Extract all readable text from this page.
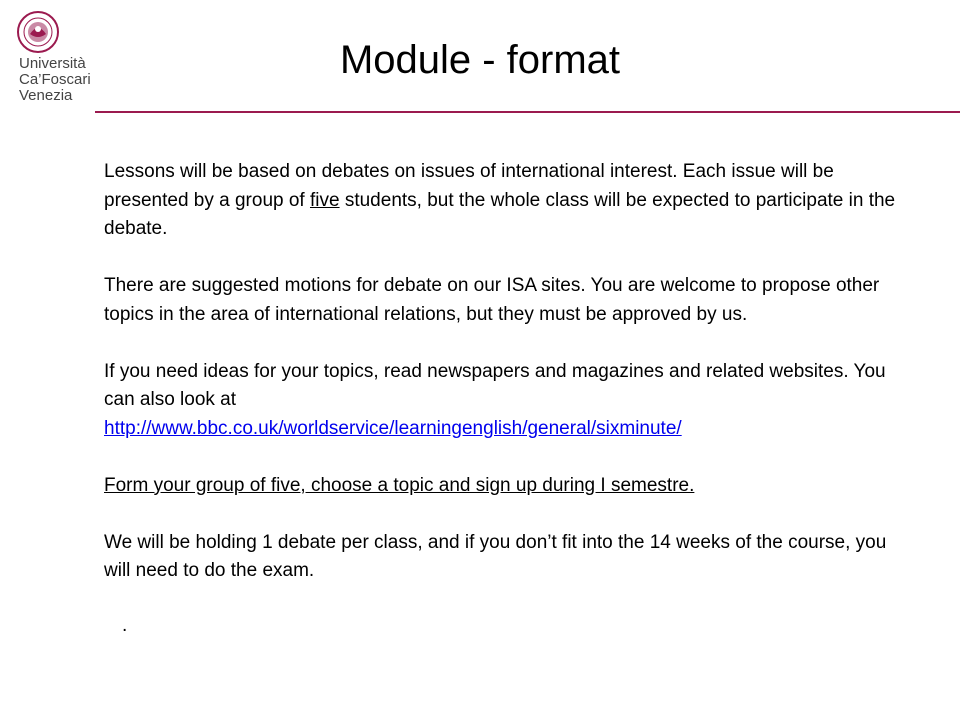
Università
Ca’Foscari
Venezia
Module - format

Lessons will be based on debates on issues of international interest. Each issue will be presented by a group of five students, but the whole class will be expected to participate in the debate.

There are suggested motions for debate on our ISA sites. You are welcome to propose other topics in the area of international relations, but they must be approved by us.

If you need ideas for your topics, read newspapers and magazines and related websites. You can also look at
http://www.bbc.co.uk/worldservice/learningenglish/general/sixminute/

Form your group of five, choose a topic and sign up during I semestre.

We will be holding 1 debate per class, and if you don’t fit into the 14 weeks of the course, you will need to do the exam.

.
